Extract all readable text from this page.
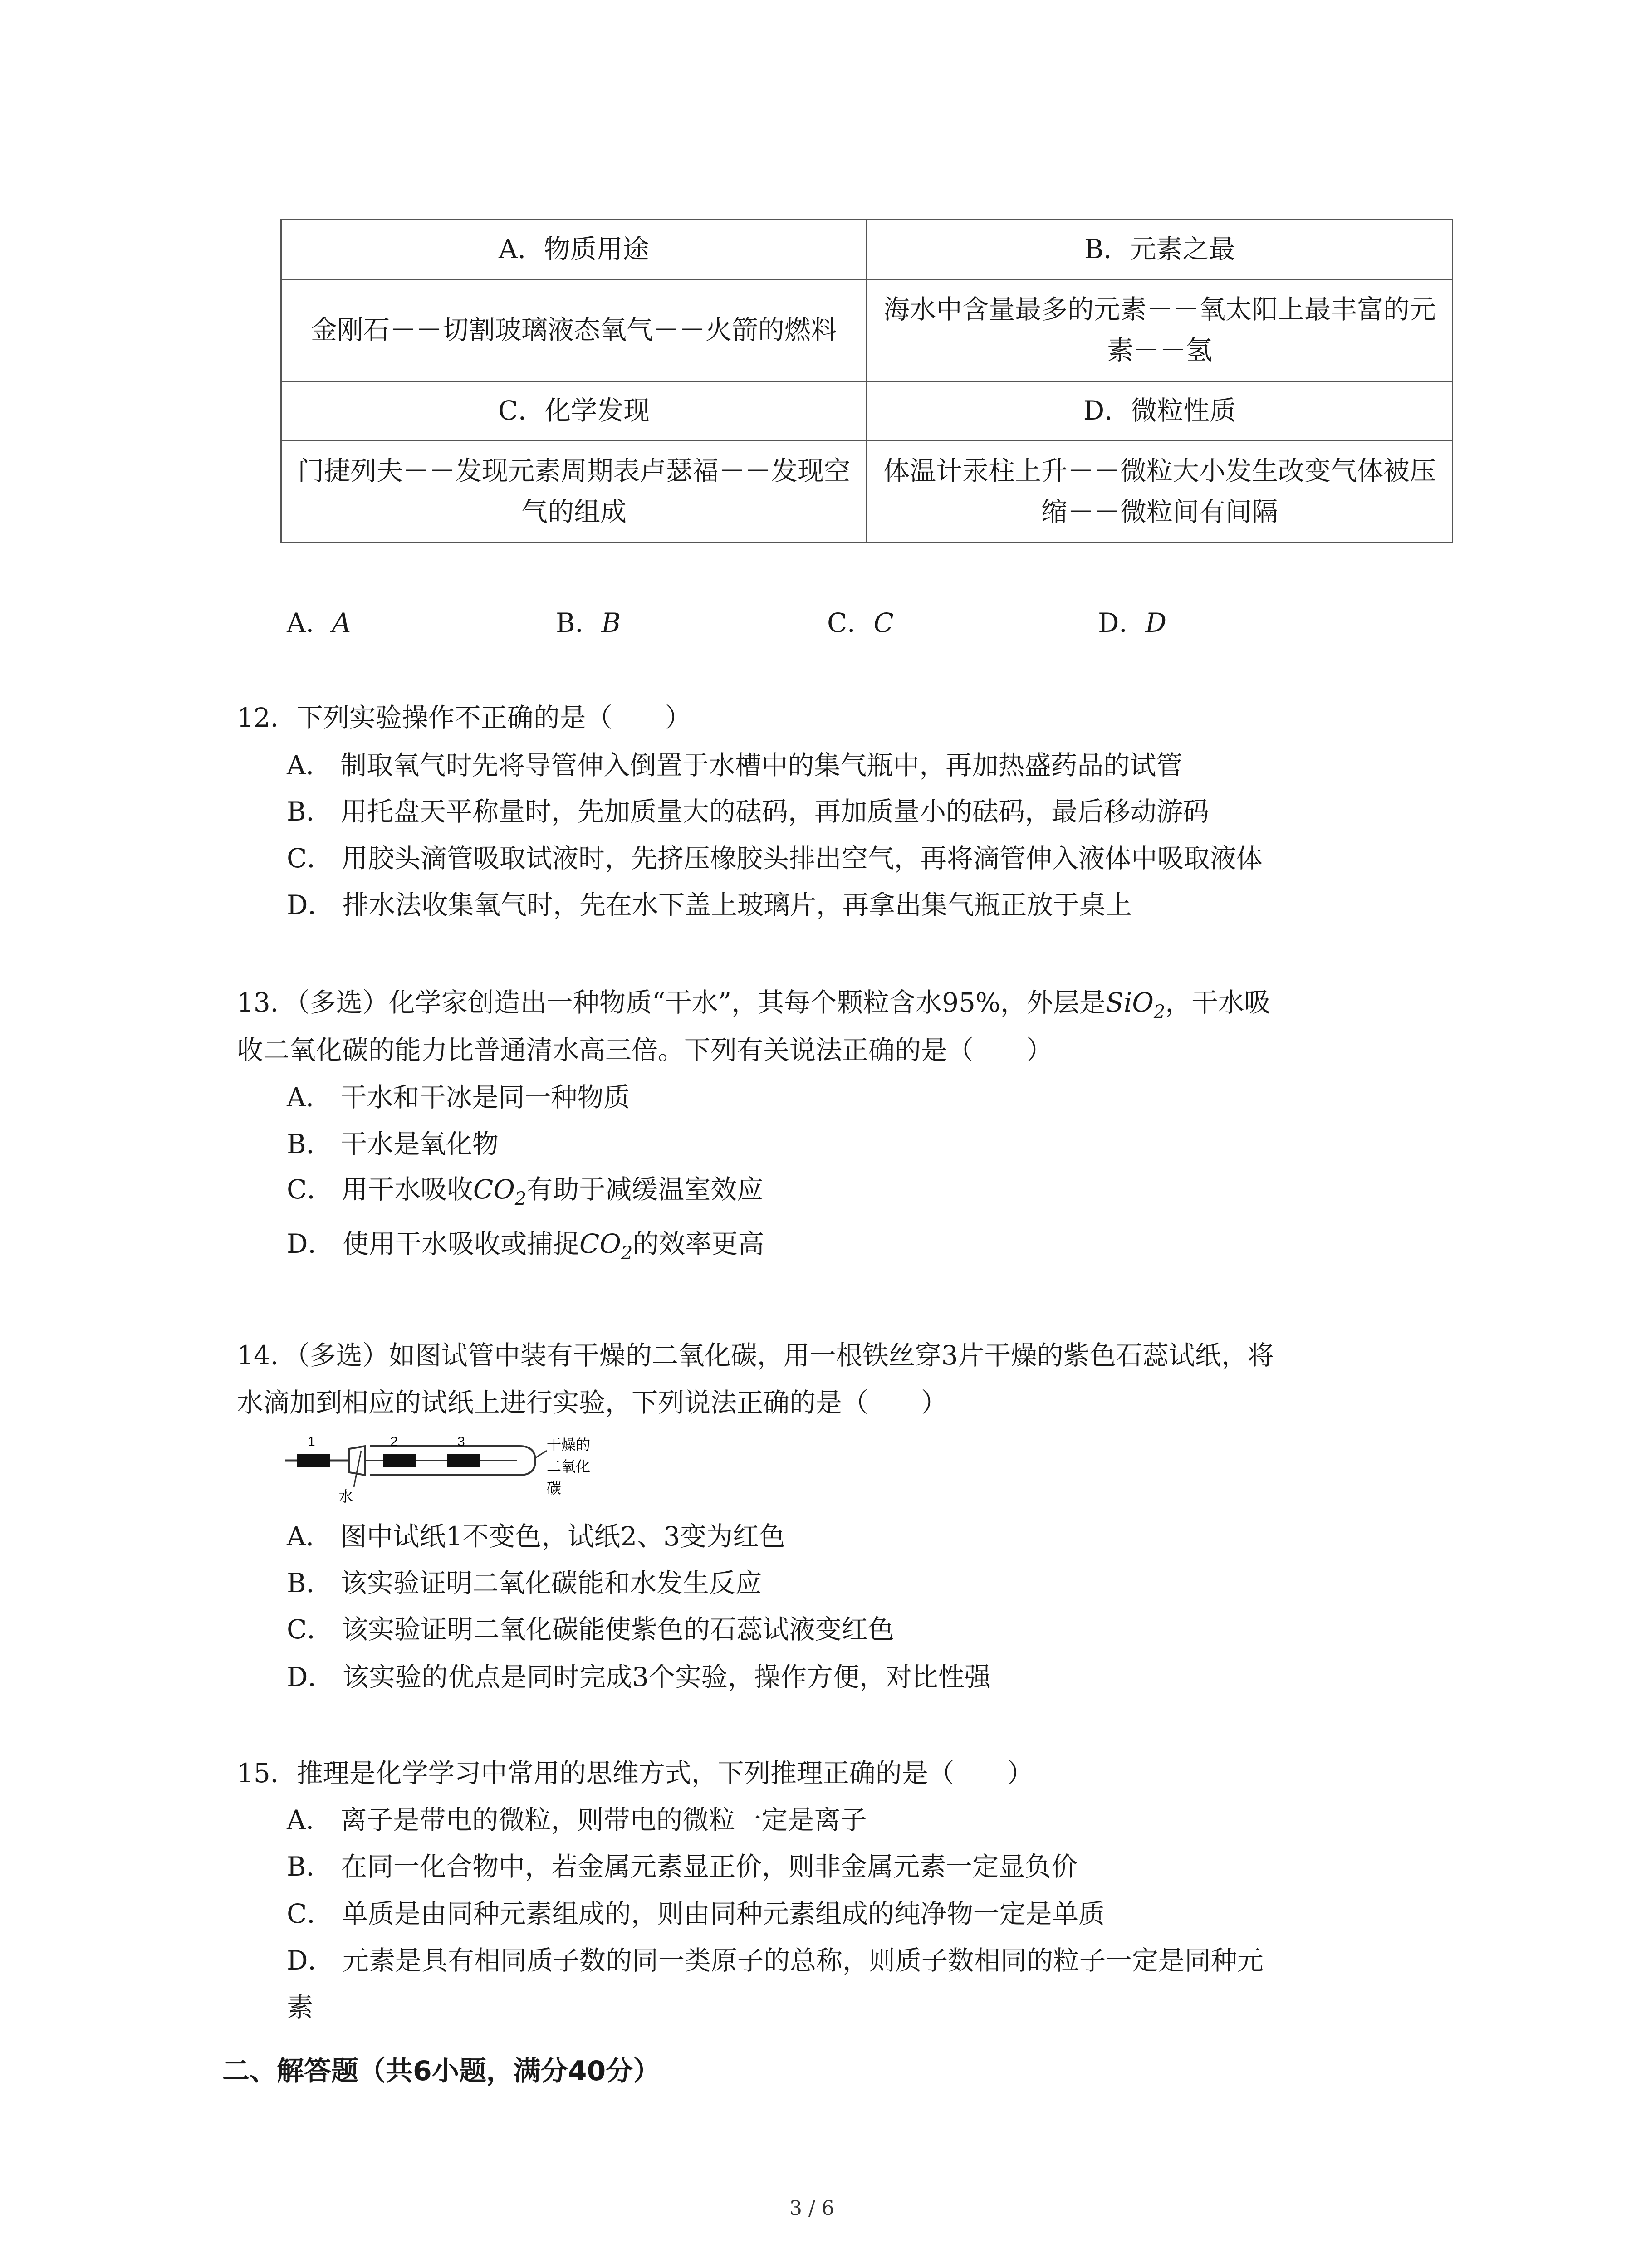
A．物质用途	B．元素之最
金刚石－－切割玻璃液态氧气－－火箭的燃料	海水中含量最多的元素－－氧太阳上最丰富的元素－－氢
C．化学发现	D．微粒性质
门捷列夫－－发现元素周期表卢瑟福－－发现空气的组成	体温计汞柱上升－－微粒大小发生改变气体被压缩－－微粒间有间隔
A．A	B．B	C．C	D．D
12．下列实验操作不正确的是（　　）
A． 制取氧气时先将导管伸入倒置于水槽中的集气瓶中，再加热盛药品的试管
B． 用托盘天平称量时，先加质量大的砝码，再加质量小的砝码，最后移动游码
C． 用胶头滴管吸取试液时，先挤压橡胶头排出空气，再将滴管伸入液体中吸取液体
D． 排水法收集氧气时，先在水下盖上玻璃片，再拿出集气瓶正放于桌上
13．（多选）化学家创造出一种物质“干水”，其每个颗粒含水95%，外层是SiO$_2$，干水吸
收二氧化碳的能力比普通清水高三倍。下列有关说法正确的是（　　）
A． 干水和干冰是同一种物质
B． 干水是氧化物
C． 用干水吸收$CO_2$有助于减缓温室效应
D． 使用干水吸收或捕捉$CO_2$的效率更高
14．（多选）如图试管中装有干燥的二氧化碳，用一根铁丝穿3片干燥的紫色石蕊试纸，将
水滴加到相应的试纸上进行实验，下列说法正确的是（　　）
1	2	3
水
干燥的
二氧化
碳
A． 图中试纸1不变色，试纸2、3变为红色
B． 该实验证明二氧化碳能和水发生反应
C． 该实验证明二氧化碳能使紫色的石蕊试液变红色
D． 该实验的优点是同时完成3个实验，操作方便，对比性强
15．推理是化学学习中常用的思维方式，下列推理正确的是（　　）
A． 离子是带电的微粒，则带电的微粒一定是离子
B． 在同一化合物中，若金属元素显正价，则非金属元素一定显负价
C． 单质是由同种元素组成的，则由同种元素组成的纯净物一定是单质
D． 元素是具有相同质子数的同一类原子的总称，则质子数相同的粒子一定是同种元
素
二、解答题（共6小题，满分40分）
3 / 6
